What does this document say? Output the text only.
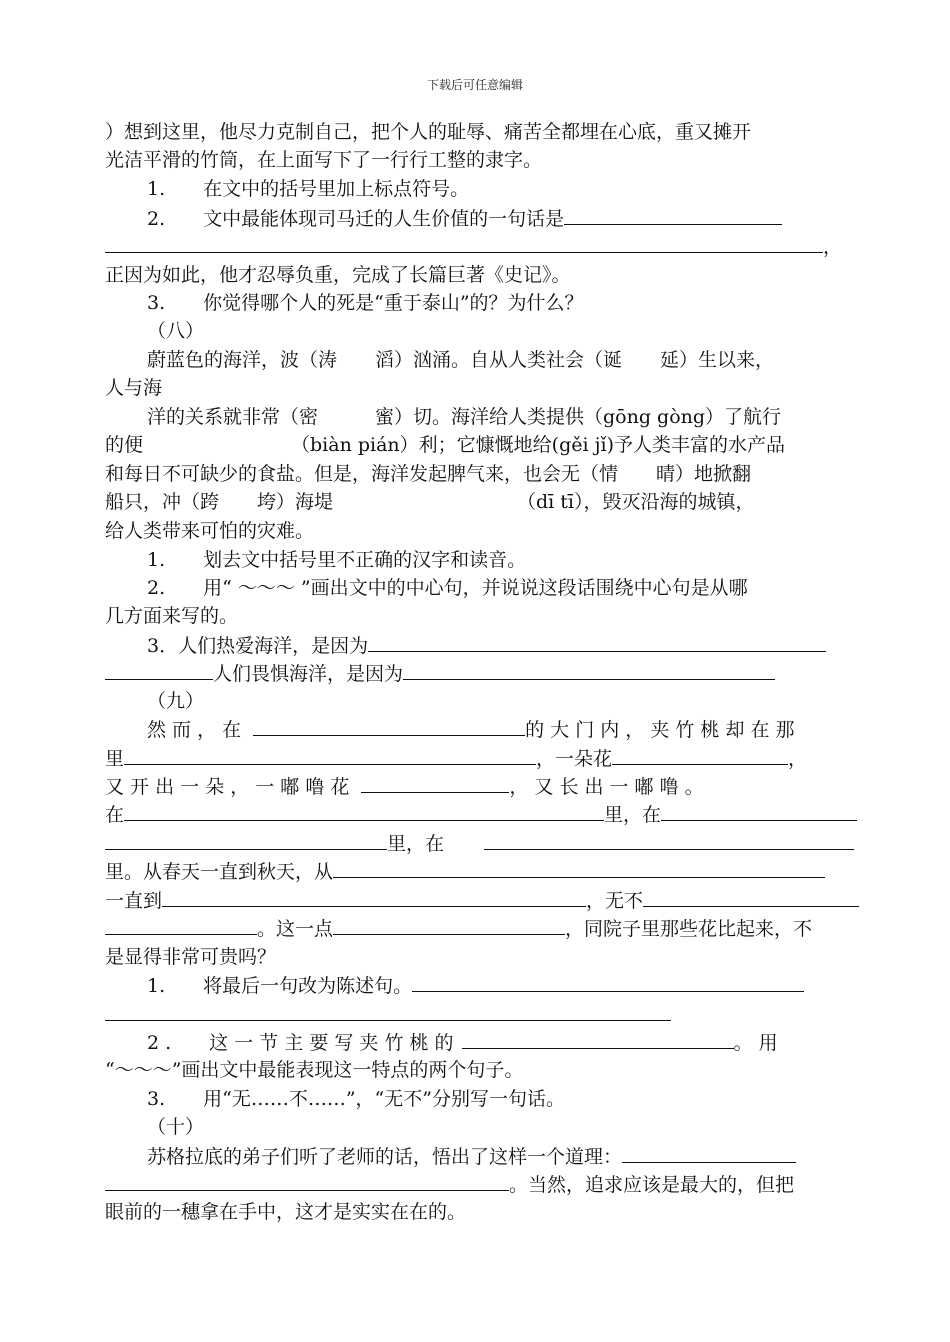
下载后可任意编辑
）想到这里，他尽力克制自己，把个人的耻辱、痛苦全都埋在心底，重又摊开
光洁平滑的竹筒，在上面写下了一行行工整的隶字。
1.　　在文中的括号里加上标点符号。
2.　　文中最能体现司马迁的人生价值的一句话是
，
正因为如此，他才忍辱负重，完成了长篇巨著《史记》。
3.　　你觉得哪个人的死是“重于泰山”的？为什么？
（八）
蔚蓝色的海洋，波（涛　　滔）汹涌。自从人类社会（诞　　延）生以来，
人与海
洋的关系就非常（密　　　蜜）切。海洋给人类提供（gōng gòng）了航行
的便	（biàn pián）利；它慷慨地给(gěi jǐ)予人类丰富的水产品
和每日不可缺少的食盐。但是，海洋发起脾气来，也会无（情　　晴）地掀翻
船只，冲（跨　　垮）海堤	（dī tī），毁灭沿海的城镇，
给人类带来可怕的灾难。
1.　　划去文中括号里不正确的汉字和读音。
2.　　用“ ～～～ ”画出文中的中心句，并说说这段话围绕中心句是从哪
几方面来写的。
3．人们热爱海洋，是因为
人们畏惧海洋，是因为
（九）
然 而 ， 在	的 大 门 内 ， 夹 竹 桃 却 在 那
里	，一朵花	，
又 开 出 一 朵 ， 一 嘟 噜 花	， 又 长 出 一 嘟 噜 。
在	里，在
里，在
里。从春天一直到秋天，从
一直到	，无不
。这一点	，同院子里那些花比起来，不
是显得非常可贵吗？
1.　　将最后一句改为陈述句。
2 .　　这 一 节 主 要 写 夹 竹 桃 的	。 用
“～～～”画出文中最能表现这一特点的两个句子。
3.　　用“无……不……”，“无不”分别写一句话。
（十）
苏格拉底的弟子们听了老师的话，悟出了这样一个道理：
。当然，追求应该是最大的，但把
眼前的一穗拿在手中，这才是实实在在的。
